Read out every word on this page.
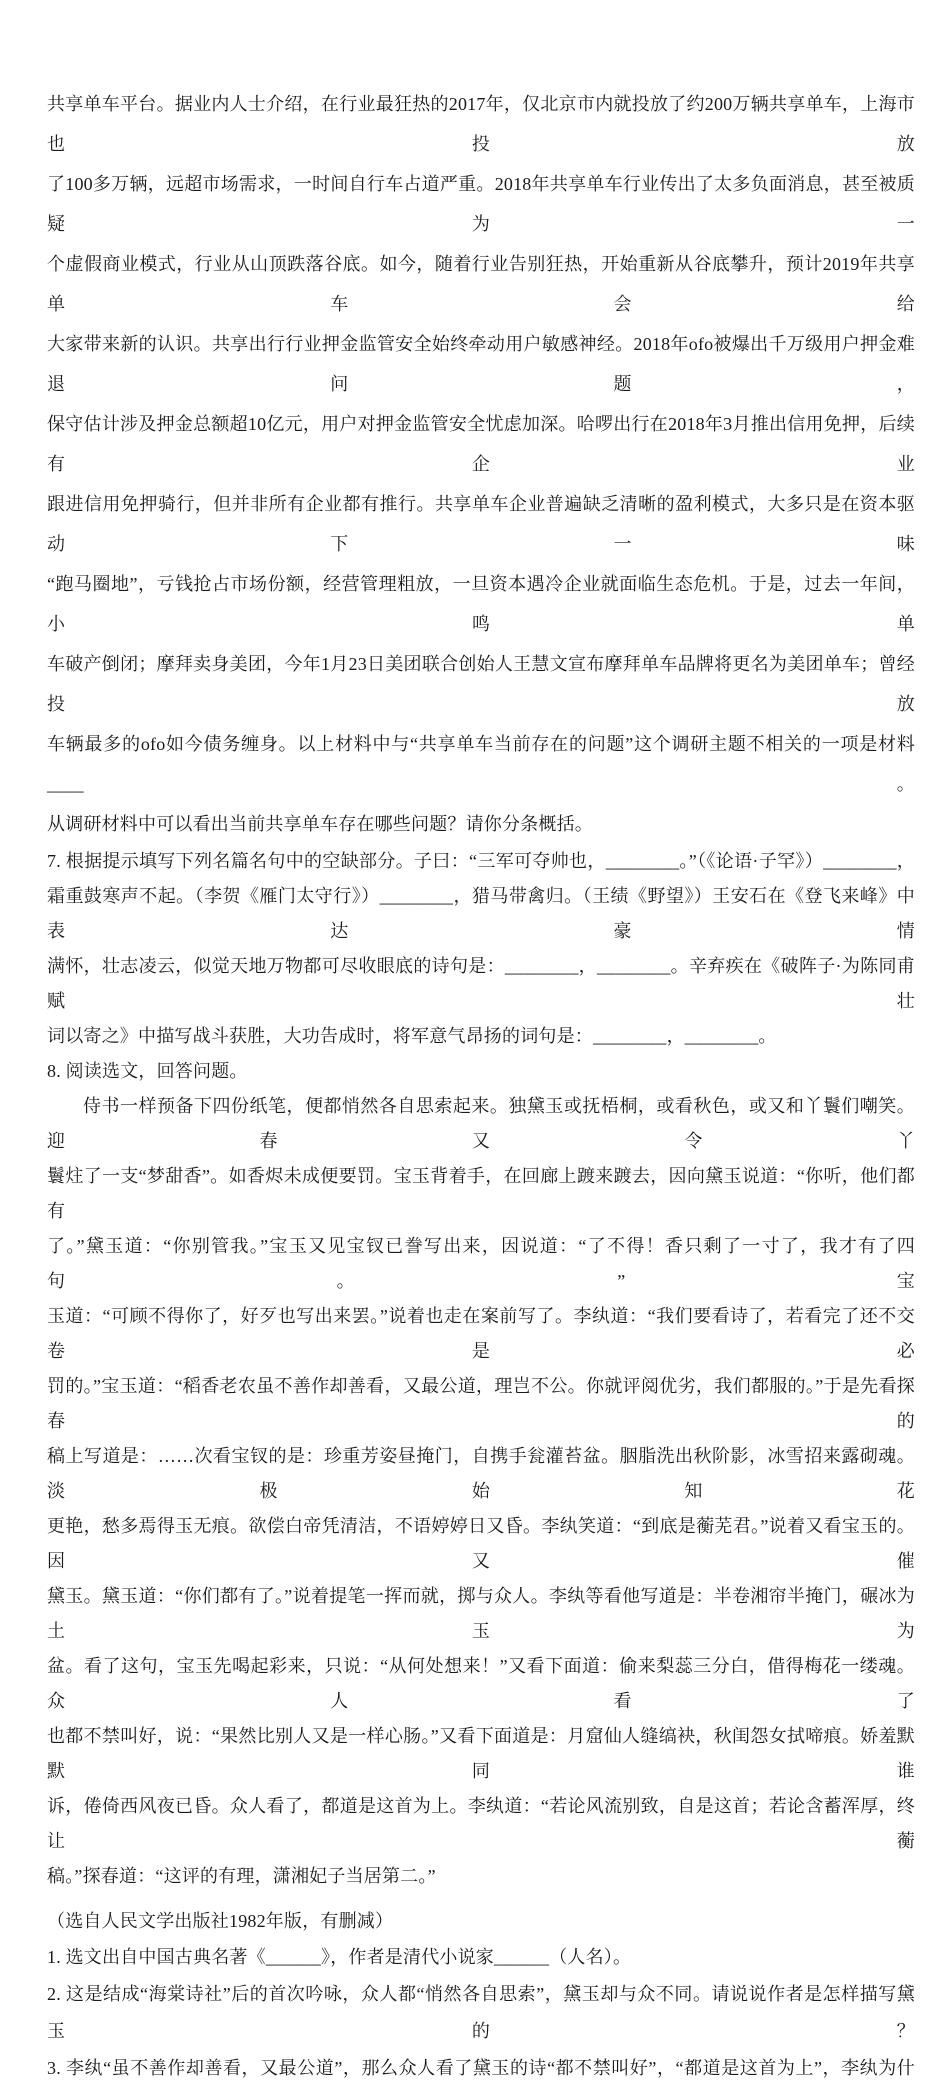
共享单车平台。据业内人士介绍，在行业最狂热的2017年，仅北京市内就投放了约200万辆共享单车，上海市也投放
了100多万辆，远超市场需求，一时间自行车占道严重。2018年共享单车行业传出了太多负面消息，甚至被质疑为一
个虚假商业模式，行业从山顶跌落谷底。如今，随着行业告别狂热，开始重新从谷底攀升，预计2019年共享单车会给
大家带来新的认识。共享出行行业押金监管安全始终牵动用户敏感神经。2018年ofo被爆出千万级用户押金难退问题，
保守估计涉及押金总额超10亿元，用户对押金监管安全忧虑加深。哈啰出行在2018年3月推出信用免押，后续有企业
跟进信用免押骑行，但并非所有企业都有推行。共享单车企业普遍缺乏清晰的盈利模式，大多只是在资本驱动下一味
“跑马圈地”，亏钱抢占市场份额，经营管理粗放，一旦资本遇冷企业就面临生态危机。于是，过去一年间，小鸣单
车破产倒闭；摩拜卖身美团，今年1月23日美团联合创始人王慧文宣布摩拜单车品牌将更名为美团单车；曾经投放
车辆最多的ofo如今债务缠身。以上材料中与“共享单车当前存在的问题”这个调研主题不相关的一项是材料____。
从调研材料中可以看出当前共享单车存在哪些问题？请你分条概括。
7. 根据提示填写下列名篇名句中的空缺部分。子曰：“三军可夺帅也，________。”（《论语·子罕》）________，
霜重鼓寒声不起。（李贺《雁门太守行》）________，猎马带禽归。（王绩《野望》）王安石在《登飞来峰》中表达豪情
满怀，壮志凌云，似觉天地万物都可尽收眼底的诗句是：________，________。辛弃疾在《破阵子·为陈同甫赋壮
词以寄之》中描写战斗获胜，大功告成时，将军意气昂扬的词句是：________，________。
8. 阅读选文，回答问题。
侍书一样预备下四份纸笔，便都悄然各自思索起来。独黛玉或抚梧桐，或看秋色，或又和丫鬟们嘲笑。迎春又令丫
鬟炷了一支“梦甜香”。如香烬未成便要罚。宝玉背着手，在回廊上踱来踱去，因向黛玉说道：“你听，他们都有
了。”黛玉道：“你别管我。”宝玉又见宝钗已誊写出来，因说道：“了不得！香只剩了一寸了，我才有了四句。”宝
玉道：“可顾不得你了，好歹也写出来罢。”说着也走在案前写了。李纨道：“我们要看诗了，若看完了还不交卷是必
罚的。”宝玉道：“稻香老农虽不善作却善看，又最公道，理岂不公。你就评阅优劣，我们都服的。”于是先看探春的
稿上写道是：……次看宝钗的是：珍重芳姿昼掩门，自携手瓮灌苔盆。胭脂洗出秋阶影，冰雪招来露砌魂。淡极始知花
更艳，愁多焉得玉无痕。欲偿白帝凭清洁，不语婷婷日又昏。李纨笑道：“到底是蘅芜君。”说着又看宝玉的。因又催
黛玉。黛玉道：“你们都有了。”说着提笔一挥而就，掷与众人。李纨等看他写道是：半卷湘帘半掩门，碾冰为土玉为
盆。看了这句，宝玉先喝起彩来，只说：“从何处想来！”又看下面道：偷来梨蕊三分白，借得梅花一缕魂。众人看了
也都不禁叫好，说：“果然比别人又是一样心肠。”又看下面道是：月窟仙人缝缟袂，秋闺怨女拭啼痕。娇羞默默同谁
诉，倦倚西风夜已昏。众人看了，都道是这首为上。李纨道：“若论风流别致，自是这首；若论含蓄浑厚，终让蘅
稿。”探春道：“这评的有理，潇湘妃子当居第二。”
（选自人民文学出版社1982年版，有删减）
1. 选文出自中国古典名著《______》，作者是清代小说家______（人名）。
2. 这是结成“海棠诗社”后的首次吟咏，众人都“悄然各自思索”，黛玉却与众不同。请说说作者是怎样描写黛玉的？
3. 李纨“虽不善作却善看，又最公道”，那么众人看了黛玉的诗“都不禁叫好”，“都道是这首为上”，李纨为什
